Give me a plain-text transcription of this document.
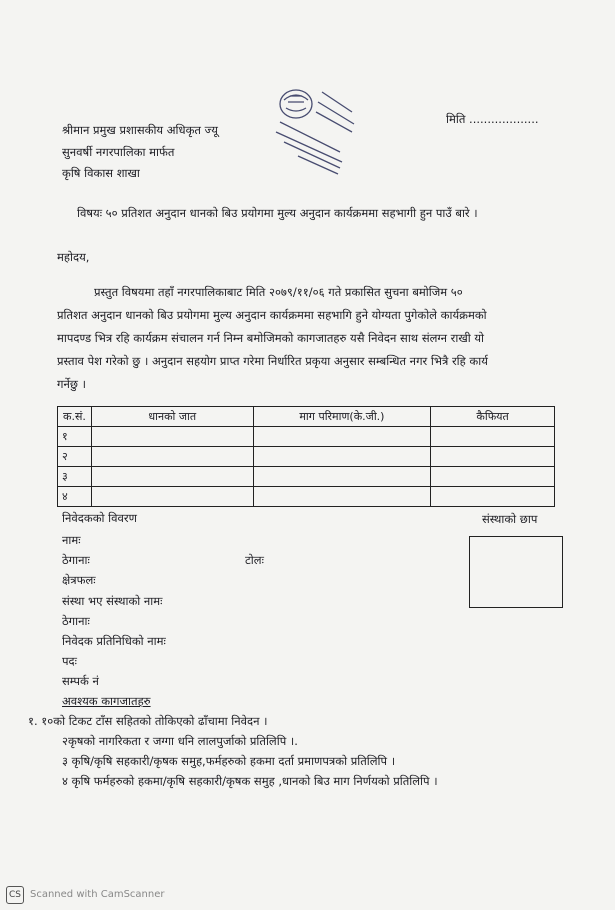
मिति ...................
श्रीमान प्रमुख प्रशासकीय अधिकृत ज्यू
सुनवर्षी नगरपालिका मार्फत
कृषि विकास शाखा
विषयः ५० प्रतिशत अनुदान धानको बिउ प्रयोगमा मुल्य अनुदान कार्यक्रममा सहभागी हुन पाउँ बारे ।
महोदय,
प्रस्तुत विषयमा तहाँ नगरपालिकाबाट मिति २०७९/११/०६ गते प्रकासित सुचना बमोजिम ५०
प्रतिशत अनुदान धानको बिउ प्रयोगमा मुल्य अनुदान कार्यक्रममा सहभागि हुने योग्यता पुगेकोले कार्यक्रमको
मापदण्ड भित्र रहि कार्यक्रम संचालन गर्न निम्न बमोजिमको कागजातहरु यसै निवेदन साथ संलग्न राखी यो
प्रस्ताव पेश गरेको छु । अनुदान सहयोग प्राप्त गरेमा निर्धारित प्रकृया अनुसार सम्बन्धित नगर भित्रै रहि कार्य
गर्नेछु ।
क.सं.	धानको जात	माग परिमाण(के.जी.)	कैफियत
१			
२			
३			
४			
निवेदकको विवरण	संस्थाको छाप
नामः
ठेगानाः	टोलः
क्षेत्रफलः
संस्था भए संस्थाको नामः
ठेगानाः
निवेदक प्रतिनिधिको नामः
पदः
सम्पर्क नं
अवश्यक कागजातहरु
१. १०को टिकट टाँस सहितको तोकिएको ढाँचामा निवेदन ।
२कृषको नागरिकता र जग्गा धनि लालपुर्जाको प्रतिलिपि ।.
३ कृषि/कृषि सहकारी/कृषक समुह,फर्महरुको हकमा दर्ता प्रमाणपत्रको प्रतिलिपि ।
४ कृषि फर्महरुको हकमा/कृषि सहकारी/कृषक समुह ,धानको बिउ माग निर्णयको प्रतिलिपि ।
CS Scanned with CamScanner
